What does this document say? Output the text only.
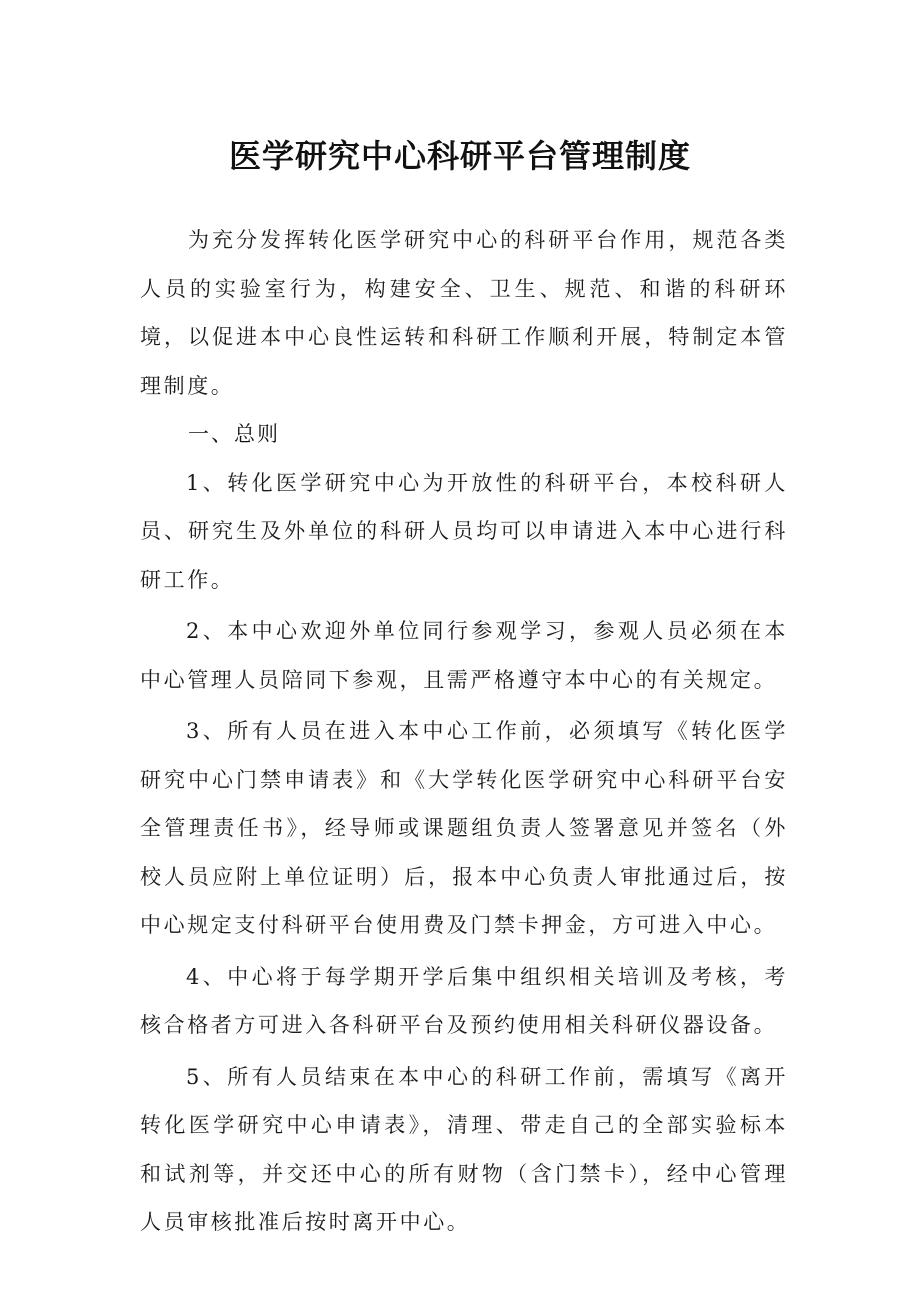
医学研究中心科研平台管理制度

为充分发挥转化医学研究中心的科研平台作用，规范各类人员的实验室行为，构建安全、卫生、规范、和谐的科研环境，以促进本中心良性运转和科研工作顺利开展，特制定本管理制度。

一、总则

1、转化医学研究中心为开放性的科研平台，本校科研人员、研究生及外单位的科研人员均可以申请进入本中心进行科研工作。

2、本中心欢迎外单位同行参观学习，参观人员必须在本中心管理人员陪同下参观，且需严格遵守本中心的有关规定。

3、所有人员在进入本中心工作前，必须填写《转化医学研究中心门禁申请表》和《大学转化医学研究中心科研平台安全管理责任书》，经导师或课题组负责人签署意见并签名（外校人员应附上单位证明）后，报本中心负责人审批通过后，按中心规定支付科研平台使用费及门禁卡押金，方可进入中心。

4、中心将于每学期开学后集中组织相关培训及考核，考核合格者方可进入各科研平台及预约使用相关科研仪器设备。

5、所有人员结束在本中心的科研工作前，需填写《离开转化医学研究中心申请表》，清理、带走自己的全部实验标本和试剂等，并交还中心的所有财物（含门禁卡），经中心管理人员审核批准后按时离开中心。
